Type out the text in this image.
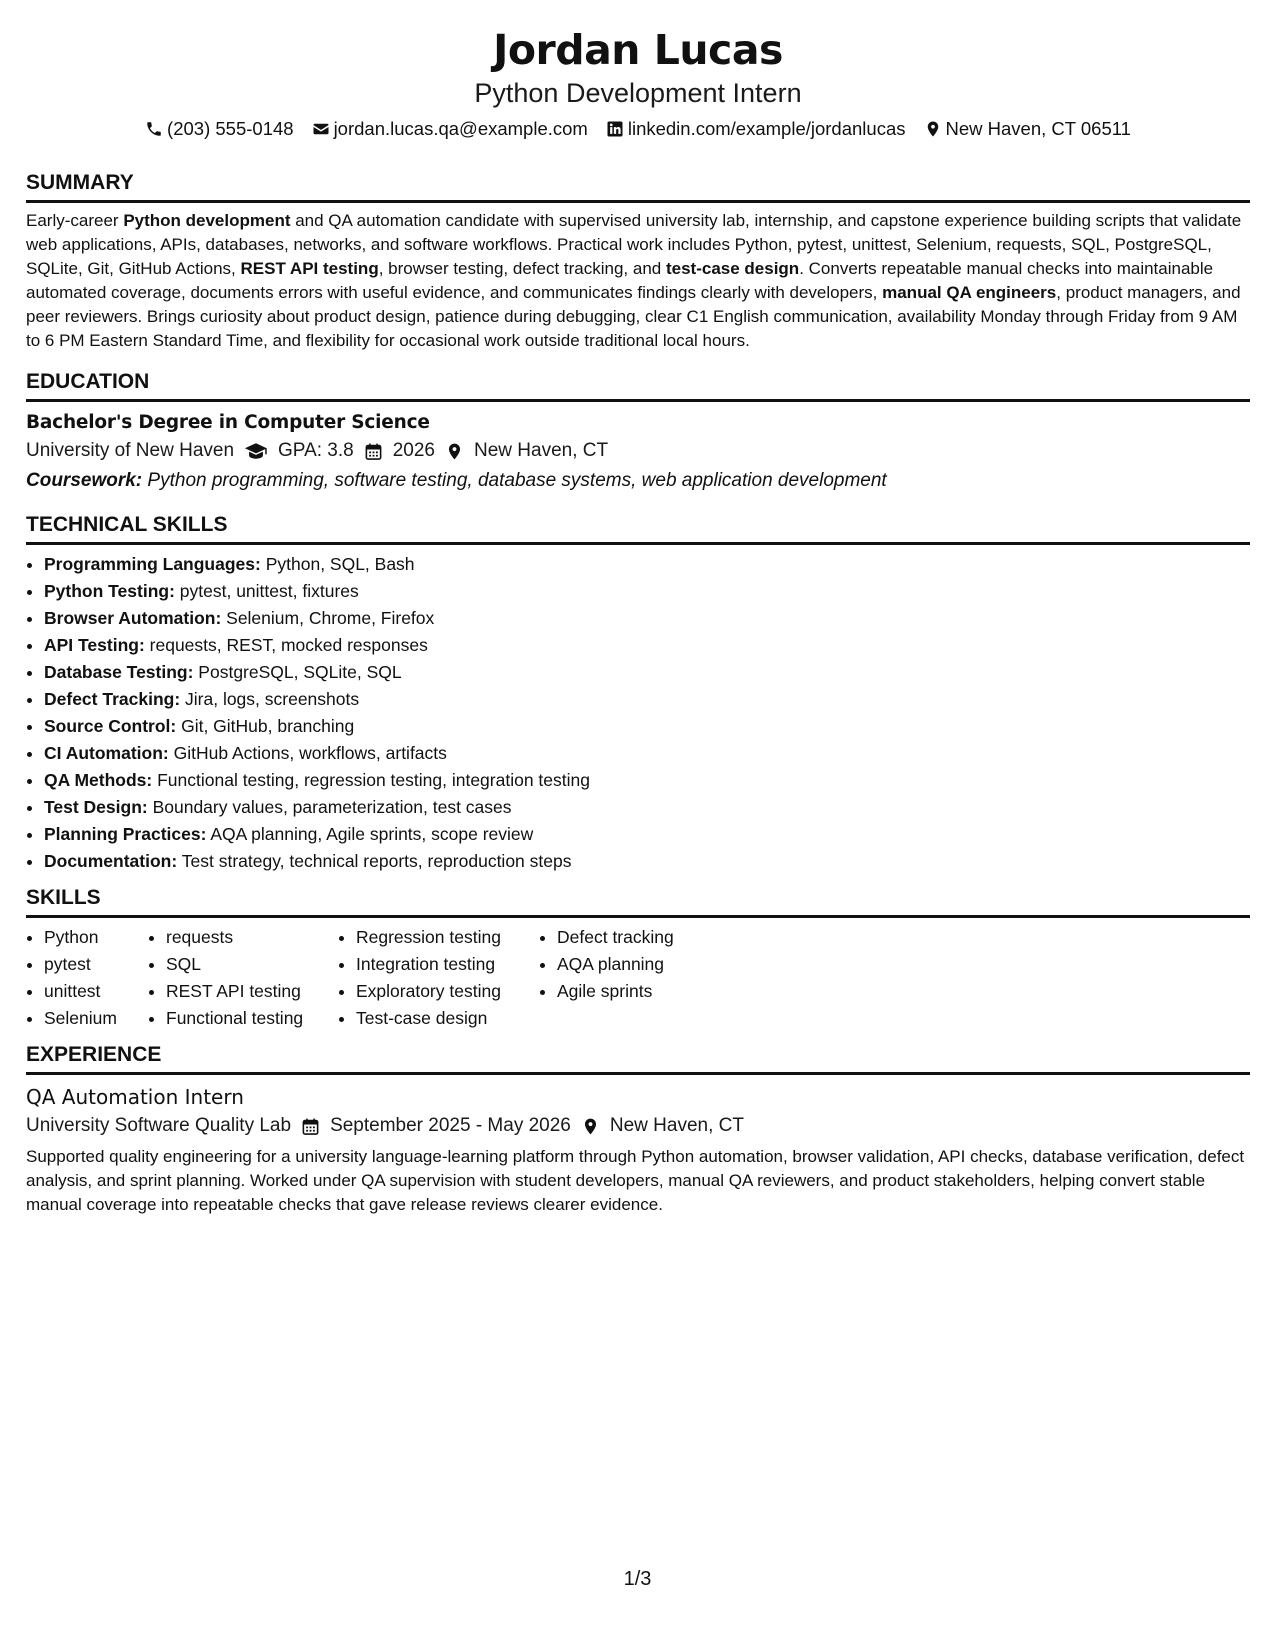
Jordan Lucas
Python Development Intern
(203) 555-0148 jordan.lucas.qa@example.com linkedin.com/example/jordanlucas New Haven, CT 06511
SUMMARY

Early-career Python development and QA automation candidate with supervised university lab, internship, and capstone experience building scripts that validate web applications, APIs, databases, networks, and software workflows. Practical work includes Python, pytest, unittest, Selenium, requests, SQL, PostgreSQL, SQLite, Git, GitHub Actions, REST API testing, browser testing, defect tracking, and test-case design. Converts repeatable manual checks into maintainable automated coverage, documents errors with useful evidence, and communicates findings clearly with developers, manual QA engineers, product managers, and peer reviewers. Brings curiosity about product design, patience during debugging, clear C1 English communication, availability Monday through Friday from 9 AM to 6 PM Eastern Standard Time, and flexibility for occasional work outside traditional local hours.

EDUCATION
Bachelor's Degree in Computer Science
University of New Haven GPA: 3.8 2026 New Haven, CT
Coursework: Python programming, software testing, database systems, web application development
TECHNICAL SKILLS
• Programming Languages: Python, SQL, Bash
• Python Testing: pytest, unittest, fixtures
• Browser Automation: Selenium, Chrome, Firefox
• API Testing: requests, REST, mocked responses
• Database Testing: PostgreSQL, SQLite, SQL
• Defect Tracking: Jira, logs, screenshots
• Source Control: Git, GitHub, branching
• CI Automation: GitHub Actions, workflows, artifacts
• QA Methods: Functional testing, regression testing, integration testing
• Test Design: Boundary values, parameterization, test cases
• Planning Practices: AQA planning, Agile sprints, scope review
• Documentation: Test strategy, technical reports, reproduction steps
SKILLS
• Python
• pytest
• unittest
• Selenium
• requests
• SQL
• REST API testing
• Functional testing
• Regression testing
• Integration testing
• Exploratory testing
• Test-case design
• Defect tracking
• AQA planning
• Agile sprints
EXPERIENCE
QA Automation Intern
University Software Quality Lab September 2025 - May 2026 New Haven, CT

Supported quality engineering for a university language-learning platform through Python automation, browser validation, API checks, database verification, defect analysis, and sprint planning. Worked under QA supervision with student developers, manual QA reviewers, and product stakeholders, helping convert stable manual coverage into repeatable checks that gave release reviews clearer evidence.

1/3
